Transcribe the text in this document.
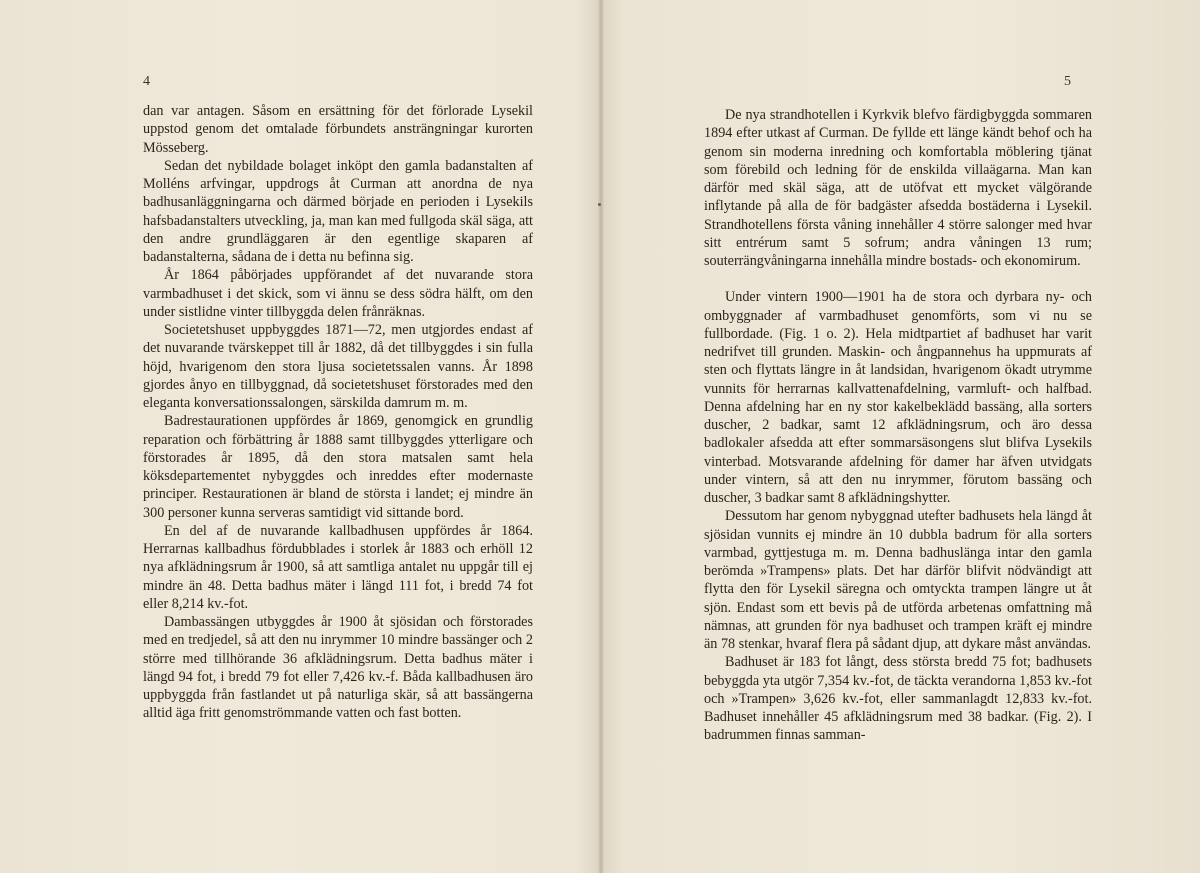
4

dan var antagen. Såsom en ersättning för det förlorade Lysekil uppstod genom det omtalade förbundets ansträngningar kurorten Mösseberg.

Sedan det nybildade bolaget inköpt den gamla badanstalten af Molléns arfvingar, uppdrogs åt Curman att anordna de nya badhusanläggningarna och därmed började en perioden i Lysekils hafsbadanstalters utveckling, ja, man kan med fullgoda skäl säga, att den andre grundläggaren är den egentlige skaparen af badanstalterna, sådana de i detta nu befinna sig.

År 1864 påbörjades uppförandet af det nuvarande stora varmbadhuset i det skick, som vi ännu se dess södra hälft, om den under sistlidne vinter tillbyggda delen frånräknas.

Societetshuset uppbyggdes 1871—72, men utgjordes endast af det nuvarande tvärskeppet till år 1882, då det tillbyggdes i sin fulla höjd, hvarigenom den stora ljusa societetssalen vanns. År 1898 gjordes ånyo en tillbyggnad, då societetshuset förstorades med den eleganta konversationssalongen, särskilda damrum m. m.

Badrestaurationen uppfördes år 1869, genomgick en grundlig reparation och förbättring år 1888 samt tillbyggdes ytterligare och förstorades år 1895, då den stora matsalen samt hela köksdepartementet nybyggdes och inreddes efter modernaste principer. Restaurationen är bland de största i landet; ej mindre än 300 personer kunna serveras samtidigt vid sittande bord.

En del af de nuvarande kallbadhusen uppfördes år 1864. Herrarnas kallbadhus fördubblades i storlek år 1883 och erhöll 12 nya afklädningsrum år 1900, så att samtliga antalet nu uppgår till ej mindre än 48. Detta badhus mäter i längd 111 fot, i bredd 74 fot eller 8,214 kv.-fot.

Dambassängen utbyggdes år 1900 åt sjösidan och förstorades med en tredjedel, så att den nu inrymmer 10 mindre bassänger och 2 större med tillhörande 36 afklädningsrum. Detta badhus mäter i längd 94 fot, i bredd 79 fot eller 7,426 kv.-f. Båda kallbadhusen äro uppbyggda från fastlandet ut på naturliga skär, så att bassängerna alltid äga fritt genomströmmande vatten och fast botten.

5

De nya strandhotellen i Kyrkvik blefvo färdigbyggda sommaren 1894 efter utkast af Curman. De fyllde ett länge kändt behof och ha genom sin moderna inredning och komfortabla möblering tjänat som förebild och ledning för de enskilda villaägarna. Man kan därför med skäl säga, att de utöfvat ett mycket välgörande inflytande på alla de för badgäster afsedda bostäderna i Lysekil. Strandhotellens första våning innehåller 4 större salonger med hvar sitt entrérum samt 5 sofrum; andra våningen 13 rum; souterrängvåningarna innehålla mindre bostads- och ekonomirum.

Under vintern 1900—1901 ha de stora och dyrbara ny- och ombyggnader af varmbadhuset genomförts, som vi nu se fullbordade. (Fig. 1 o. 2). Hela midtpartiet af badhuset har varit nedrifvet till grunden. Maskin- och ångpannehus ha uppmurats af sten och flyttats längre in åt landsidan, hvarigenom ökadt utrymme vunnits för herrarnas kallvattenafdelning, varmluft- och halfbad. Denna afdelning har en ny stor kakelbeklädd bassäng, alla sorters duscher, 2 badkar, samt 12 afklädningsrum, och äro dessa badlokaler afsedda att efter sommarsäsongens slut blifva Lysekils vinterbad. Motsvarande afdelning för damer har äfven utvidgats under vintern, så att den nu inrymmer, förutom bassäng och duscher, 3 badkar samt 8 afklädningshytter.

Dessutom har genom nybyggnad utefter badhusets hela längd åt sjösidan vunnits ej mindre än 10 dubbla badrum för alla sorters varmbad, gyttjestuga m. m. Denna badhuslänga intar den gamla berömda »Trampens» plats. Det har därför blifvit nödvändigt att flytta den för Lysekil säregna och omtyckta trampen längre ut åt sjön. Endast som ett bevis på de utförda arbetenas omfattning må nämnas, att grunden för nya badhuset och trampen kräft ej mindre än 78 stenkar, hvaraf flera på sådant djup, att dykare måst användas.

Badhuset är 183 fot långt, dess största bredd 75 fot; badhusets bebyggda yta utgör 7,354 kv.-fot, de täckta verandorna 1,853 kv.-fot och »Trampen» 3,626 kv.-fot, eller sammanlagdt 12,833 kv.-fot. Badhuset innehåller 45 afklädningsrum med 38 badkar. (Fig. 2). I badrummen finnas samman-
